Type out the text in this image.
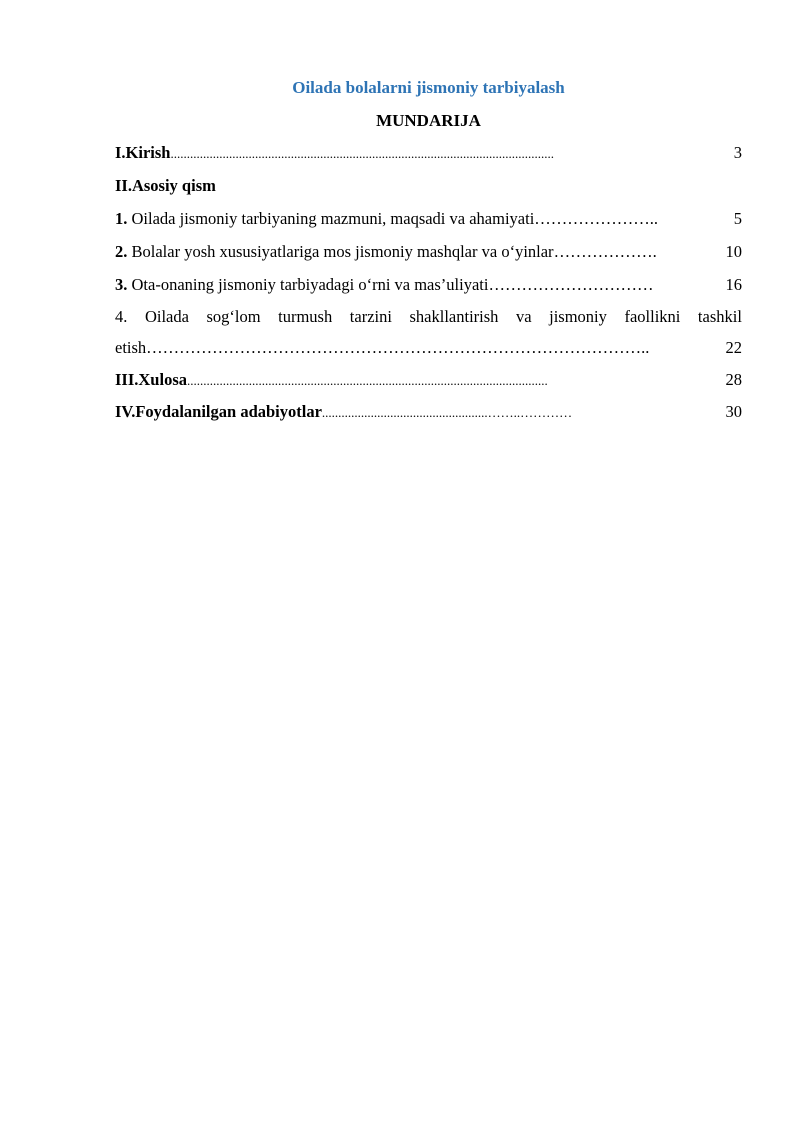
Oilada bolalarni jismoniy tarbiyalash
MUNDARIJA
I.Kirish ......................................................................................................................	3
II.Asosiy qism
1. Oilada jismoniy tarbiyaning mazmuni, maqsadi va ahamiyati …………………..	5
2. Bolalar yosh xususiyatlariga mos jismoniy mashqlar va o‘yinlar ……………….	10
3. Ota-onaning jismoniy tarbiyadagi o‘rni va mas’uliyati …………………………	16
4. Oilada sog‘lom turmush tarzini shakllantirish va jismoniy faollikni tashkil
etish ………………………………………………………………………………..	22
III.Xulosa ...............................................................................................................	28
IV.Foydalanilgan adabiyotlar ...................................................……..…………	30
